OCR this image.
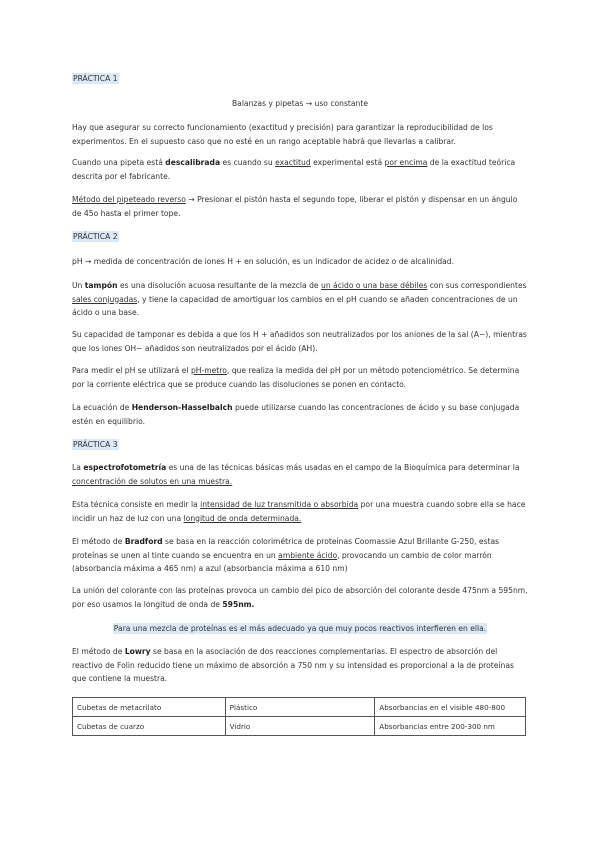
PRÁCTICA 1

Balanzas y pipetas → uso constante

Hay que asegurar su correcto funcionamiento (exactitud y precisión) para garantizar la reproducibilidad de los experimentos. En el supuesto caso que no esté en un rango aceptable habrá que llevarlas a calibrar.

Cuando una pipeta está descalibrada es cuando su exactitud experimental está por encima de la exactitud teórica descrita por el fabricante.

Método del pipeteado reverso → Presionar el pistón hasta el segundo tope, liberar el pistón y dispensar en un ángulo de 45o hasta el primer tope.

PRÁCTICA 2

pH → medida de concentración de iones H + en solución, es un indicador de acidez o de alcalinidad.

Un tampón es una disolución acuosa resultante de la mezcla de un ácido o una base débiles con sus correspondientes sales conjugadas, y tiene la capacidad de amortiguar los cambios en el pH cuando se añaden concentraciones de un ácido o una base.

Su capacidad de tamponar es debida a que los H + añadidos son neutralizados por los aniones de la sal (A−), mientras que los iones OH− añadidos son neutralizados por el ácido (AH).

Para medir el pH se utilizará el pH-metro, que realiza la medida del pH por un método potenciométrico. Se determina por la corriente eléctrica que se produce cuando las disoluciones se ponen en contacto.

La ecuación de Henderson-Hasselbalch puede utilizarse cuando las concentraciones de ácido y su base conjugada estén en equilibrio.

PRÁCTICA 3

La espectrofotometría es una de las técnicas básicas más usadas en el campo de la Bioquímica para determinar la concentración de solutos en una muestra.

Esta técnica consiste en medir la intensidad de luz transmitida o absorbida por una muestra cuando sobre ella se hace incidir un haz de luz con una longitud de onda determinada.

El método de Bradford se basa en la reacción colorimétrica de proteínas Coomassie Azul Brillante G-250, estas proteínas se unen al tinte cuando se encuentra en un ambiente ácido, provocando un cambio de color marrón (absorbancia máxima a 465 nm) a azul (absorbancia máxima a 610 nm)

La unión del colorante con las proteínas provoca un cambio del pico de absorción del colorante desde 475nm a 595nm, por eso usamos la longitud de onda de 595nm.

Para una mezcla de proteínas es el más adecuado ya que muy pocos reactivos interfieren en ella.

El método de Lowry se basa en la asociación de dos reacciones complementarias. El espectro de absorción del reactivo de Folin reducido tiene un máximo de absorción a 750 nm y su intensidad es proporcional a la de proteínas que contiene la muestra.

Cubetas de metacrilato	Plástico	Absorbancias en el visible 480-800
Cubetas de cuarzo	Vidrio	Absorbancias entre 200-300 nm
